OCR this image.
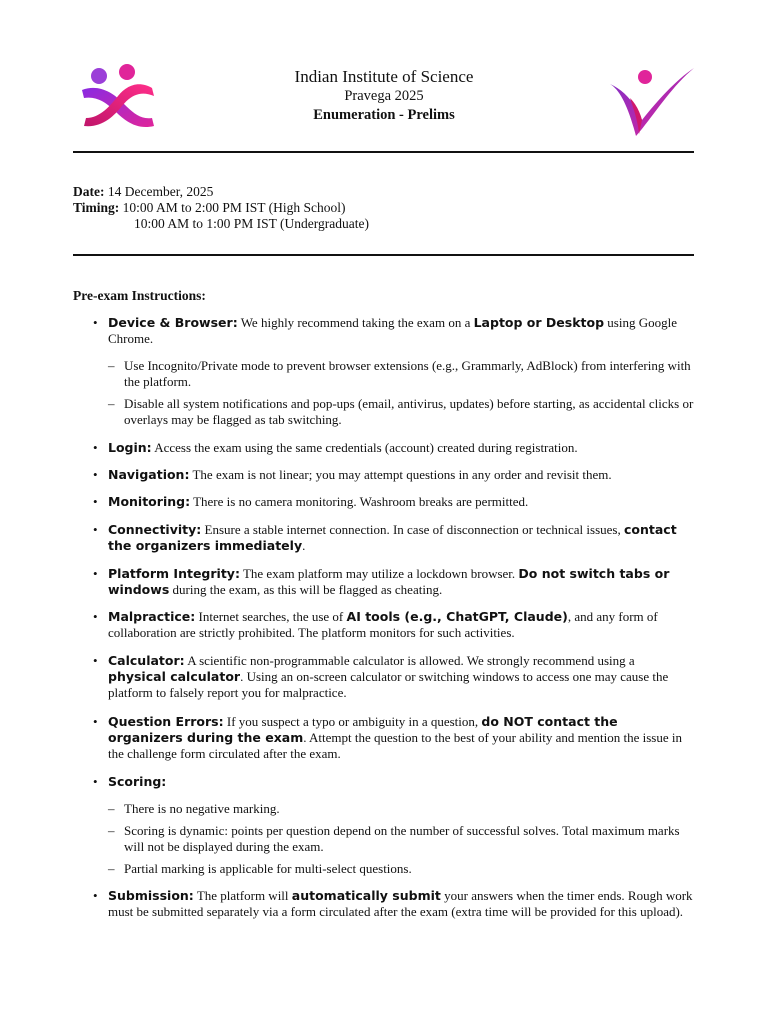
Indian Institute of Science
Pravega 2025
Enumeration - Prelims
Date: 14 December, 2025
Timing: 10:00 AM to 2:00 PM IST (High School)
10:00 AM to 1:00 PM IST (Undergraduate)
Pre-exam Instructions:
• Device & Browser: We highly recommend taking the exam on a Laptop or Desktop using Google Chrome.
– Use Incognito/Private mode to prevent browser extensions (e.g., Grammarly, AdBlock) from interfering with the platform.
– Disable all system notifications and pop-ups (email, antivirus, updates) before starting, as accidental clicks or overlays may be flagged as tab switching.
• Login: Access the exam using the same credentials (account) created during registration.
• Navigation: The exam is not linear; you may attempt questions in any order and revisit them.
• Monitoring: There is no camera monitoring. Washroom breaks are permitted.
• Connectivity: Ensure a stable internet connection. In case of disconnection or technical issues, contact the organizers immediately.
• Platform Integrity: The exam platform may utilize a lockdown browser. Do not switch tabs or windows during the exam, as this will be flagged as cheating.
• Malpractice: Internet searches, the use of AI tools (e.g., ChatGPT, Claude), and any form of collaboration are strictly prohibited. The platform monitors for such activities.
• Calculator: A scientific non-programmable calculator is allowed. We strongly recommend using a physical calculator. Using an on-screen calculator or switching windows to access one may cause the platform to falsely report you for malpractice.
• Question Errors: If you suspect a typo or ambiguity in a question, do NOT contact the organizers during the exam. Attempt the question to the best of your ability and mention the issue in the challenge form circulated after the exam.
• Scoring:
– There is no negative marking.
– Scoring is dynamic: points per question depend on the number of successful solves. Total maximum marks will not be displayed during the exam.
– Partial marking is applicable for multi-select questions.
• Submission: The platform will automatically submit your answers when the timer ends. Rough work must be submitted separately via a form circulated after the exam (extra time will be provided for this upload).
